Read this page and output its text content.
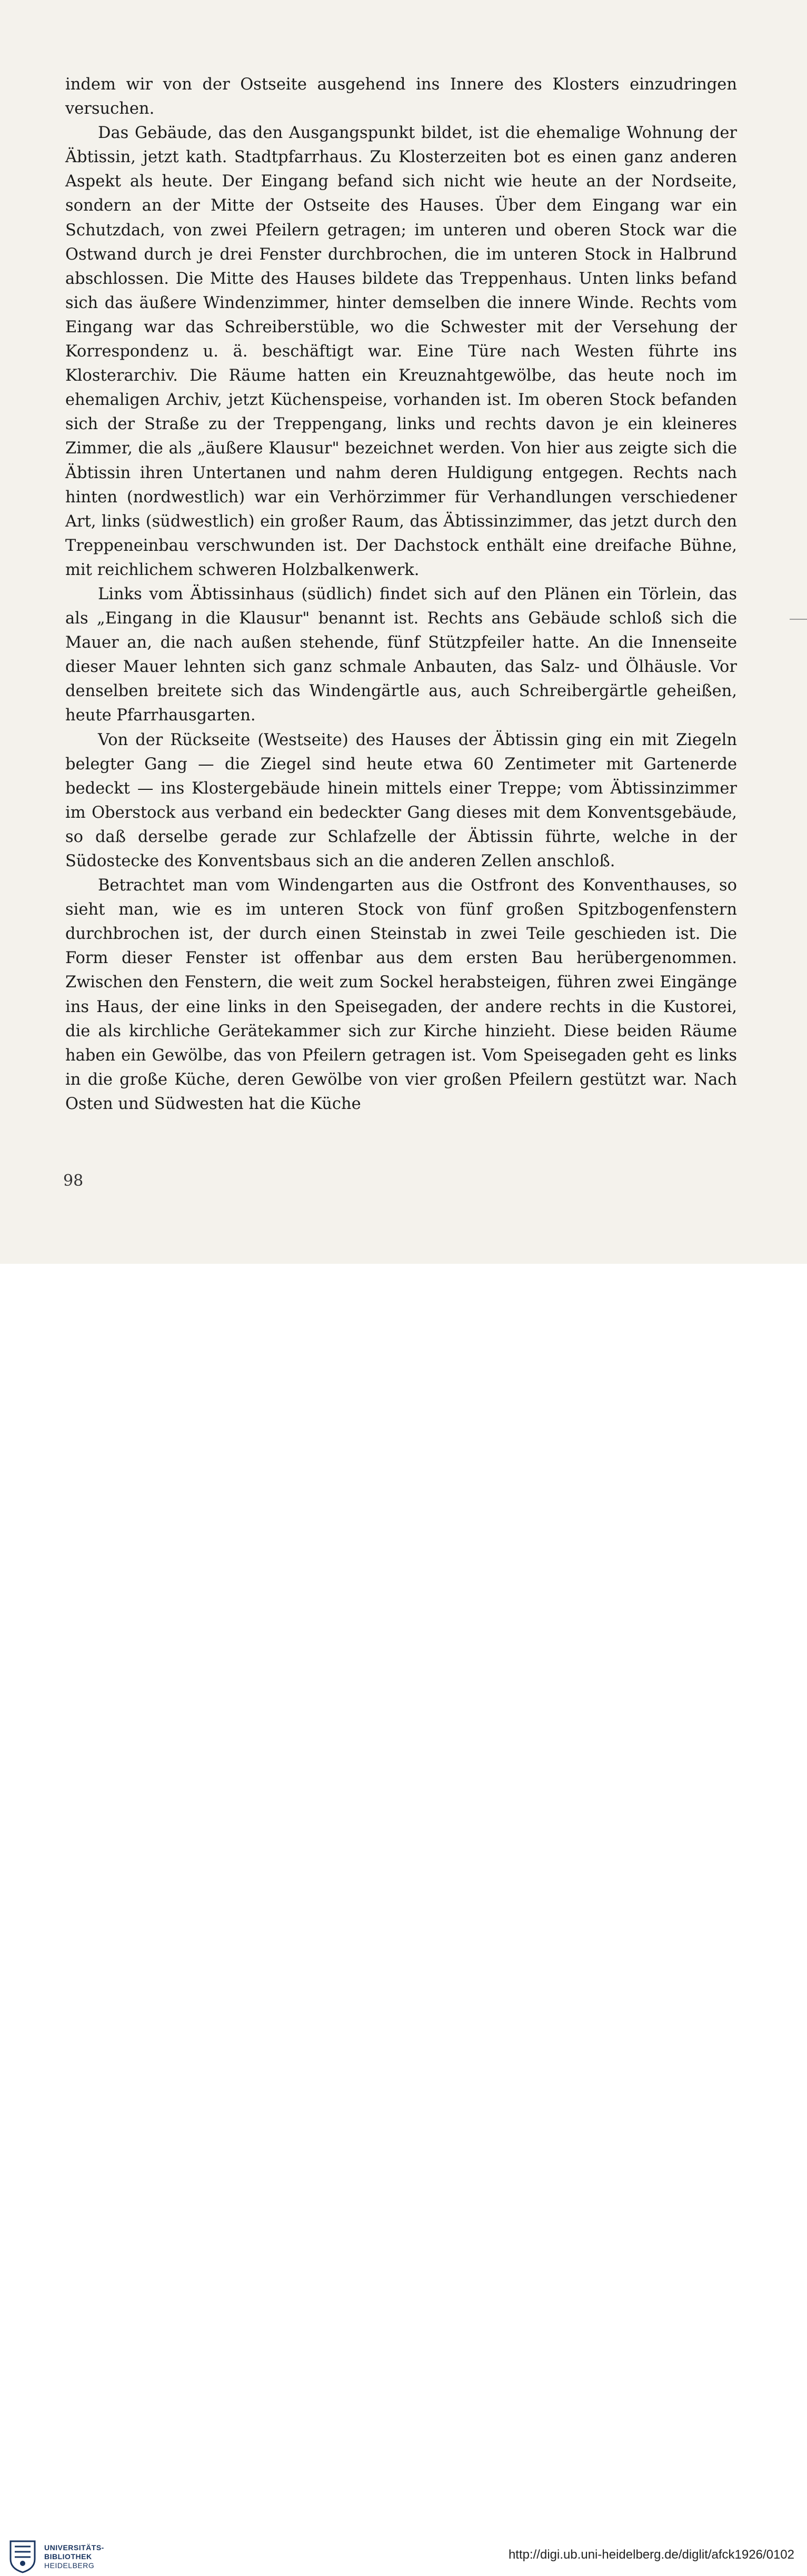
indem wir von der Ostseite ausgehend ins Innere des Klosters einzudringen versuchen.

Das Gebäude, das den Ausgangspunkt bildet, ist die ehemalige Wohnung der Äbtissin, jetzt kath. Stadtpfarrhaus. Zu Klosterzeiten bot es einen ganz anderen Aspekt als heute. Der Eingang befand sich nicht wie heute an der Nordseite, sondern an der Mitte der Ostseite des Hauses. Über dem Eingang war ein Schutzdach, von zwei Pfeilern getragen; im unteren und oberen Stock war die Ostwand durch je drei Fenster durchbrochen, die im unteren Stock in Halbrund abschlossen. Die Mitte des Hauses bildete das Treppenhaus. Unten links befand sich das äußere Windenzimmer, hinter demselben die innere Winde. Rechts vom Eingang war das Schreiberstüble, wo die Schwester mit der Versehung der Korrespondenz u. ä. beschäftigt war. Eine Türe nach Westen führte ins Klosterarchiv. Die Räume hatten ein Kreuznahtgewölbe, das heute noch im ehemaligen Archiv, jetzt Küchenspeise, vorhanden ist. Im oberen Stock befanden sich der Straße zu der Treppengang, links und rechts davon je ein kleineres Zimmer, die als „äußere Klausur" bezeichnet werden. Von hier aus zeigte sich die Äbtissin ihren Untertanen und nahm deren Huldigung entgegen. Rechts nach hinten (nordwestlich) war ein Verhörzimmer für Verhandlungen verschiedener Art, links (südwestlich) ein großer Raum, das Äbtissinzimmer, das jetzt durch den Treppeneinbau verschwunden ist. Der Dachstock enthält eine dreifache Bühne, mit reichlichem schweren Holzbalkenwerk.

Links vom Äbtissinhaus (südlich) findet sich auf den Plänen ein Törlein, das als „Eingang in die Klausur" benannt ist. Rechts ans Gebäude schloß sich die Mauer an, die nach außen stehende, fünf Stützpfeiler hatte. An die Innenseite dieser Mauer lehnten sich ganz schmale Anbauten, das Salz- und Ölhäusle. Vor denselben breitete sich das Windengärtle aus, auch Schreibergärtle geheißen, heute Pfarrhausgarten.

Von der Rückseite (Westseite) des Hauses der Äbtissin ging ein mit Ziegeln belegter Gang — die Ziegel sind heute etwa 60 Zentimeter mit Gartenerde bedeckt — ins Klostergebäude hinein mittels einer Treppe; vom Äbtissinzimmer im Oberstock aus verband ein bedeckter Gang dieses mit dem Konventsgebäude, so daß derselbe gerade zur Schlafzelle der Äbtissin führte, welche in der Südostecke des Konventsbaus sich an die anderen Zellen anschloß.

Betrachtet man vom Windengarten aus die Ostfront des Konventhauses, so sieht man, wie es im unteren Stock von fünf großen Spitzbogenfenstern durchbrochen ist, der durch einen Steinstab in zwei Teile geschieden ist. Die Form dieser Fenster ist offenbar aus dem ersten Bau herübergenommen. Zwischen den Fenstern, die weit zum Sockel herabsteigen, führen zwei Eingänge ins Haus, der eine links in den Speisegaden, der andere rechts in die Kustorei, die als kirchliche Gerätekammer sich zur Kirche hinzieht. Diese beiden Räume haben ein Gewölbe, das von Pfeilern getragen ist. Vom Speisegaden geht es links in die große Küche, deren Gewölbe von vier großen Pfeilern gestützt war. Nach Osten und Südwesten hat die Küche

98
UNIVERSITÄTS-
BIBLIOTHEK
HEIDELBERG
http://digi.ub.uni-heidelberg.de/diglit/afck1926/0102
